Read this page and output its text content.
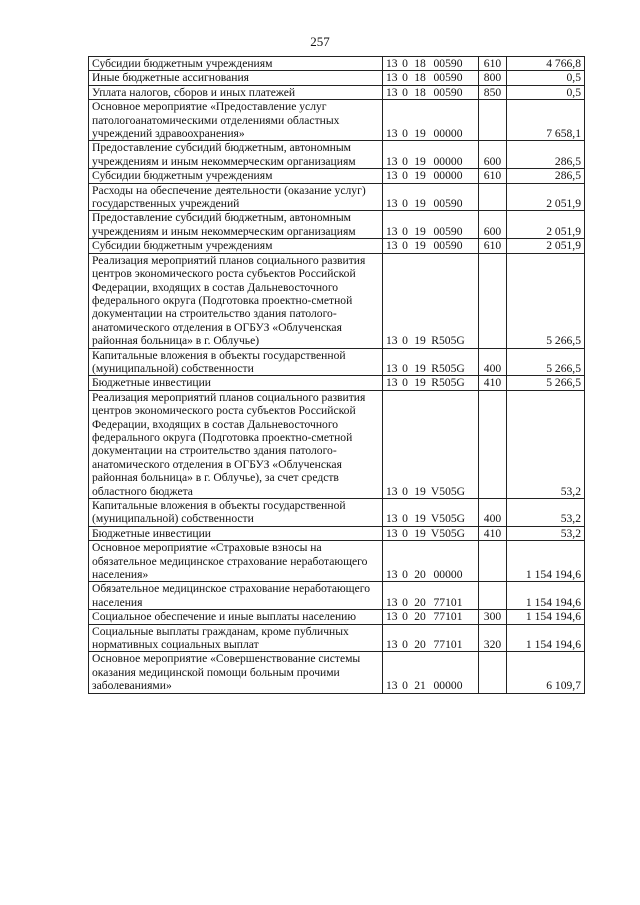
257
Субсидии бюджетным учреждениям	13 0 18 00590	610	4 766,8
Иные бюджетные ассигнования	13 0 18 00590	800	0,5
Уплата налогов, сборов и иных платежей	13 0 18 00590	850	0,5
Основное мероприятие «Предоставление услуг патологоанатомическими отделениями областных учреждений здравоохранения»	13 0 19 00000		7 658,1
Предоставление субсидий бюджетным, автономным учреждениям и иным некоммерческим организациям	13 0 19 00000	600	286,5
Субсидии бюджетным учреждениям	13 0 19 00000	610	286,5
Расходы на обеспечение деятельности (оказание услуг) государственных учреждений	13 0 19 00590		2 051,9
Предоставление субсидий бюджетным, автономным учреждениям и иным некоммерческим организациям	13 0 19 00590	600	2 051,9
Субсидии бюджетным учреждениям	13 0 19 00590	610	2 051,9
Реализация мероприятий планов социального развития центров экономического роста субъектов Российской Федерации, входящих в состав Дальневосточного федерального округа (Подготовка проектно-сметной документации на строительство здания патолого-анатомического отделения в ОГБУЗ «Облученская районная больница» в г. Облучье)	13 0 19 R505G		5 266,5
Капитальные вложения в объекты государственной (муниципальной) собственности	13 0 19 R505G	400	5 266,5
Бюджетные инвестиции	13 0 19 R505G	410	5 266,5
Реализация мероприятий планов социального развития центров экономического роста субъектов Российской Федерации, входящих в состав Дальневосточного федерального округа (Подготовка проектно-сметной документации на строительство здания патолого-анатомического отделения в ОГБУЗ «Облученская районная больница» в г. Облучье), за счет средств областного бюджета	13 0 19 V505G		53,2
Капитальные вложения в объекты государственной (муниципальной) собственности	13 0 19 V505G	400	53,2
Бюджетные инвестиции	13 0 19 V505G	410	53,2
Основное мероприятие «Страховые взносы на обязательное медицинское страхование неработающего населения»	13 0 20 00000		1 154 194,6
Обязательное медицинское страхование неработающего населения	13 0 20 77101		1 154 194,6
Социальное обеспечение и иные выплаты населению	13 0 20 77101	300	1 154 194,6
Социальные выплаты гражданам, кроме публичных нормативных социальных выплат	13 0 20 77101	320	1 154 194,6
Основное мероприятие «Совершенствование системы оказания медицинской помощи больным прочими заболеваниями»	13 0 21 00000		6 109,7
